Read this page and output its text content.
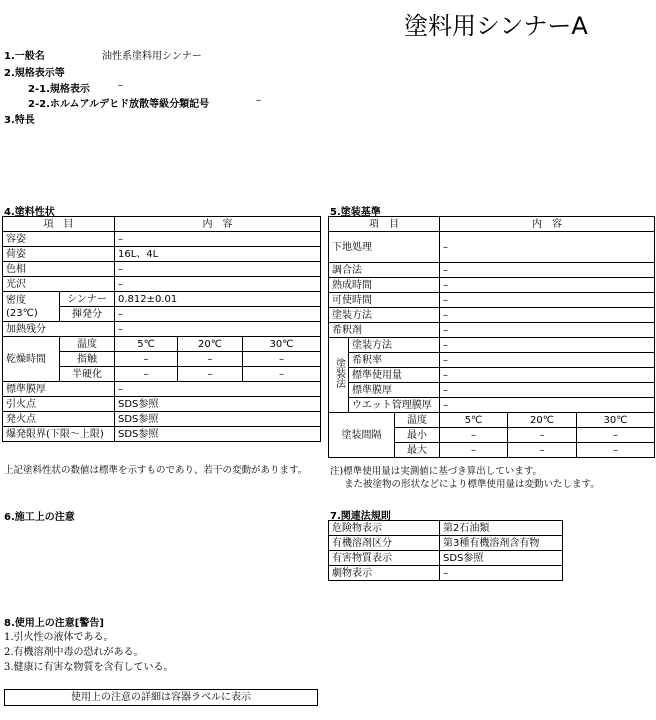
塗料用シンナーA
1.一般名	油性系塗料用シンナー
2.規格表示等
2-1.規格表示	–
2-2.ホルムアルデヒド放散等級分類記号	–
3.特長
4.塗料性状
項　目		内　容		
容姿		–		
荷姿		16L、4L		
色相		–		
光沢		–		
密度
(23℃)	シンナー	0.812±0.01		
	揮発分	–		
加熱残分		–		
乾燥時間	温度	5℃	20℃	30℃
	指触	–	–	–
	半硬化	–	–	–
標準膜厚		–		
引火点		SDS参照		
発火点		SDS参照		
爆発限界(下限～上限)		SDS参照		
上記塗料性状の数値は標準を示すものであり、若干の変動があります。
5.塗装基準
項　目			内　容		
下地処理			–		
調合法			–		
熟成時間			–		
可使時間			–		
塗装方法			–		
希釈剤			–		
塗装法	塗装方法		–		
	希釈率		–		
	標準使用量		–		
	標準膜厚		–		
	ウエット管理膜厚		–		
塗装間隔		温度	5℃	20℃	30℃
		最小	–	–	–
		最大	–	–	–
注)標準使用量は実測値に基づき算出しています。
また被塗物の形状などにより標準使用量は変動いたします。
6.施工上の注意	7.関連法規則
危険物表示	第2石油類
有機溶剤区分	第3種有機溶剤含有物
有害物質表示	SDS参照
劇物表示	–
8.使用上の注意[警告]
1.引火性の液体である。
2.有機溶剤中毒の恐れがある。
3.健康に有害な物質を含有している。
使用上の注意の詳細は容器ラベルに表示
